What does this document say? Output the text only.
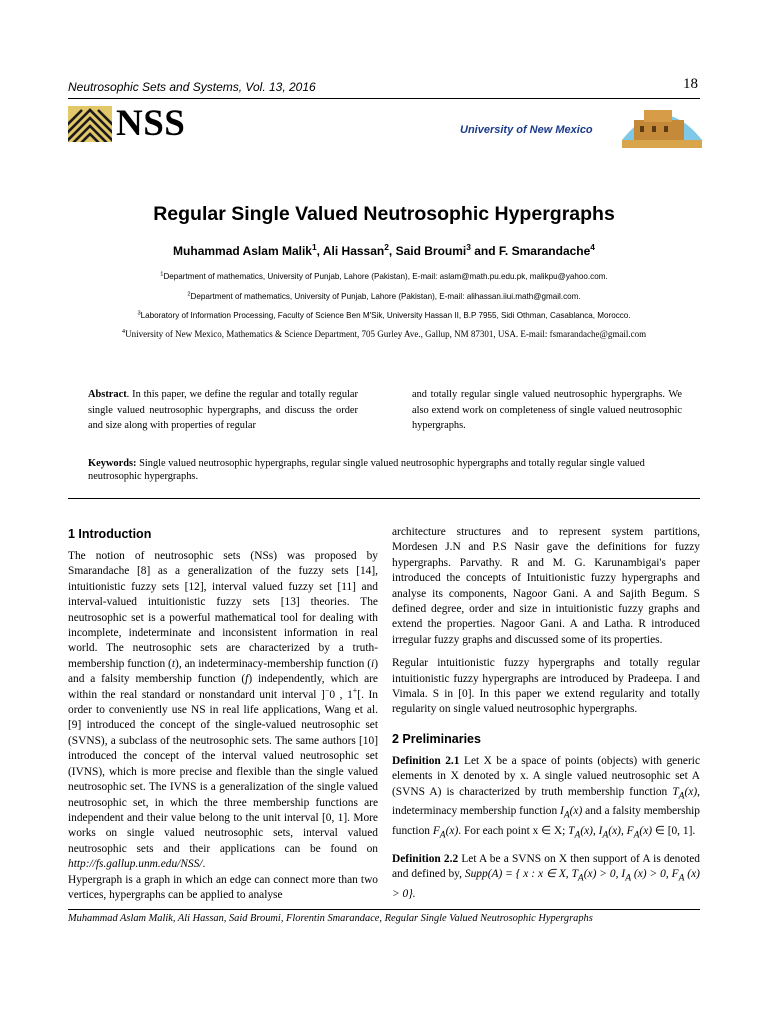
Neutrosophic Sets and Systems, Vol. 13, 2016	18
NSS	University of New Mexico
Regular Single Valued Neutrosophic Hypergraphs
Muhammad Aslam Malik$^1$, Ali Hassan$^2$, Said Broumi$^3$ and F. Smarandache$^4$
$^1$Department of mathematics, University of Punjab, Lahore (Pakistan), E-mail: aslam@math.pu.edu.pk, malikpu@yahoo.com.
$^2$Department of mathematics, University of Punjab, Lahore (Pakistan), E-mail: alihassan.iiui.math@gmail.com.
$^3$Laboratory of Information Processing, Faculty of Science Ben M'Sik, University Hassan II, B.P 7955, Sidi Othman, Casablanca, Morocco.
$^4$University of New Mexico, Mathematics & Science Department, 705 Gurley Ave., Gallup, NM 87301, USA. E-mail: fsmarandache@gmail.com
Abstract. In this paper, we define the regular and totally regular single valued neutrosophic hypergraphs, and discuss the order and size along with properties of regular
and totally regular single valued neutrosophic hypergraphs. We also extend work on completeness of single valued neutrosophic hypergraphs.
Keywords: Single valued neutrosophic hypergraphs, regular single valued neutrosophic hypergraphs and totally regular single valued neutrosophic hypergraphs.
1 Introduction

The notion of neutrosophic sets (NSs) was proposed by Smarandache [8] as a generalization of the fuzzy sets [14], intuitionistic fuzzy sets [12], interval valued fuzzy set [11] and interval-valued intuitionistic fuzzy sets [13] theories. The neutrosophic set is a powerful mathematical tool for dealing with incomplete, indeterminate and inconsistent information in real world. The neutrosophic sets are characterized by a truth-membership function (t), an indeterminacy-membership function (i) and a falsity membership function (f) independently, which are within the real standard or nonstandard unit interval ]−0 , 1+[. In order to conveniently use NS in real life applications, Wang et al. [9] introduced the concept of the single-valued neutrosophic set (SVNS), a subclass of the neutrosophic sets. The same authors [10] introduced the concept of the interval valued neutrosophic set (IVNS), which is more precise and flexible than the single valued neutrosophic set. The IVNS is a generalization of the single valued neutrosophic set, in which the three membership functions are independent and their value belong to the unit interval [0, 1]. More works on single valued neutrosophic sets, interval valued neutrosophic sets and their applications can be found on http://fs.gallup.unm.edu/NSS/.

Hypergraph is a graph in which an edge can connect more than two vertices, hypergraphs can be applied to analyse

architecture structures and to represent system partitions, Mordesen J.N and P.S Nasir gave the definitions for fuzzy hypergraphs. Parvathy. R and M. G. Karunambigai's paper introduced the concepts of Intuitionistic fuzzy hypergraphs and analyse its components, Nagoor Gani. A and Sajith Begum. S defined degree, order and size in intuitionistic fuzzy graphs and extend the properties. Nagoor Gani. A and Latha. R introduced irregular fuzzy graphs and discussed some of its properties.

Regular intuitionistic fuzzy hypergraphs and totally regular intuitionistic fuzzy hypergraphs are introduced by Pradeepa. I and Vimala. S in [0]. In this paper we extend regularity and totally regularity on single valued neutrosophic hypergraphs.

2 Preliminaries

Definition 2.1 Let X be a space of points (objects) with generic elements in X denoted by x. A single valued neutrosophic set A (SVNS A) is characterized by truth membership function $T_A(x)$, indeterminacy membership function $I_A(x)$ and a falsity membership function $F_A(x)$. For each point x ∈ X; $T_A(x)$, $I_A(x)$, $F_A(x)$ ∈ [0, 1].

Definition 2.2 Let A be a SVNS on X then support of A is denoted and defined by, Supp(A) = { x : x ∈ X, $T_A(x) > 0$, $I_A$ (x) > 0, $F_A$ (x) > 0}.

Muhammad Aslam Malik, Ali Hassan, Said Broumi, Florentin Smarandace, Regular Single Valued Neutrosophic Hypergraphs
